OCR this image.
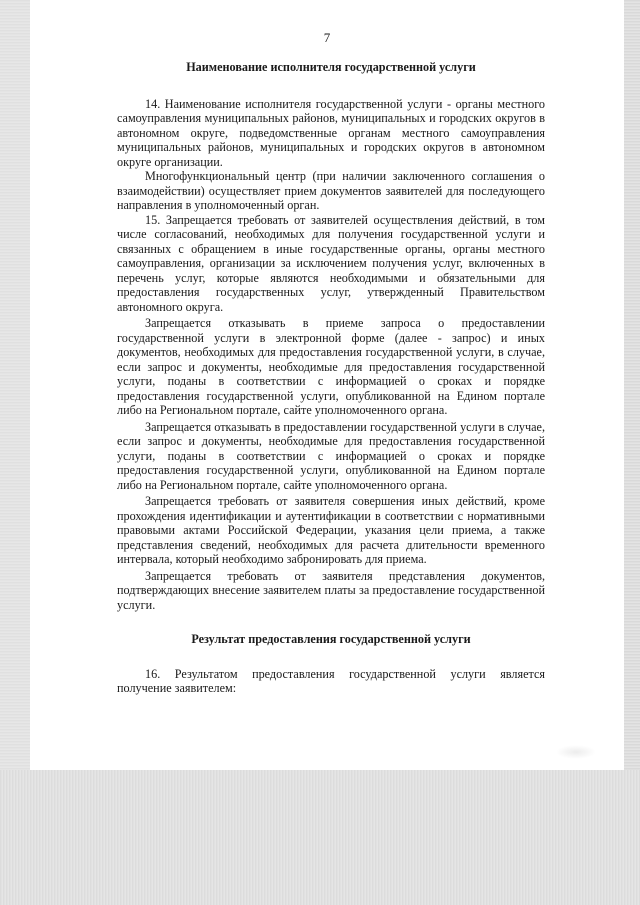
7
Наименование исполнителя государственной услуги

14. Наименование исполнителя государственной услуги - органы местного самоуправления муниципальных районов, муниципальных и городских округов в автономном округе, подведомственные органам местного самоуправления муниципальных районов, муниципальных и городских округов в автономном округе организации.

Многофункциональный центр (при наличии заключенного соглашения о взаимодействии) осуществляет прием документов заявителей для последующего направления в уполномоченный орган.

15. Запрещается требовать от заявителей осуществления действий, в том числе согласований, необходимых для получения государственной услуги и связанных с обращением в иные государственные органы, органы местного самоуправления, организации за исключением получения услуг, включенных в перечень услуг, которые являются необходимыми и обязательными для предоставления государственных услуг, утвержденный Правительством автономного округа.

Запрещается отказывать в приеме запроса о предоставлении государственной услуги в электронной форме (далее - запрос) и иных документов, необходимых для предоставления государственной услуги, в случае, если запрос и документы, необходимые для предоставления государственной услуги, поданы в соответствии с информацией о сроках и порядке предоставления государственной услуги, опубликованной на Едином портале либо на Региональном портале, сайте уполномоченного органа.

Запрещается отказывать в предоставлении государственной услуги в случае, если запрос и документы, необходимые для предоставления государственной услуги, поданы в соответствии с информацией о сроках и порядке предоставления государственной услуги, опубликованной на Едином портале либо на Региональном портале, сайте уполномоченного органа.

Запрещается требовать от заявителя совершения иных действий, кроме прохождения идентификации и аутентификации в соответствии с нормативными правовыми актами Российской Федерации, указания цели приема, а также представления сведений, необходимых для расчета длительности временного интервала, который необходимо забронировать для приема.

Запрещается требовать от заявителя представления документов, подтверждающих внесение заявителем платы за предоставление государственной услуги.

Результат предоставления государственной услуги

16. Результатом предоставления государственной услуги является получение заявителем:
